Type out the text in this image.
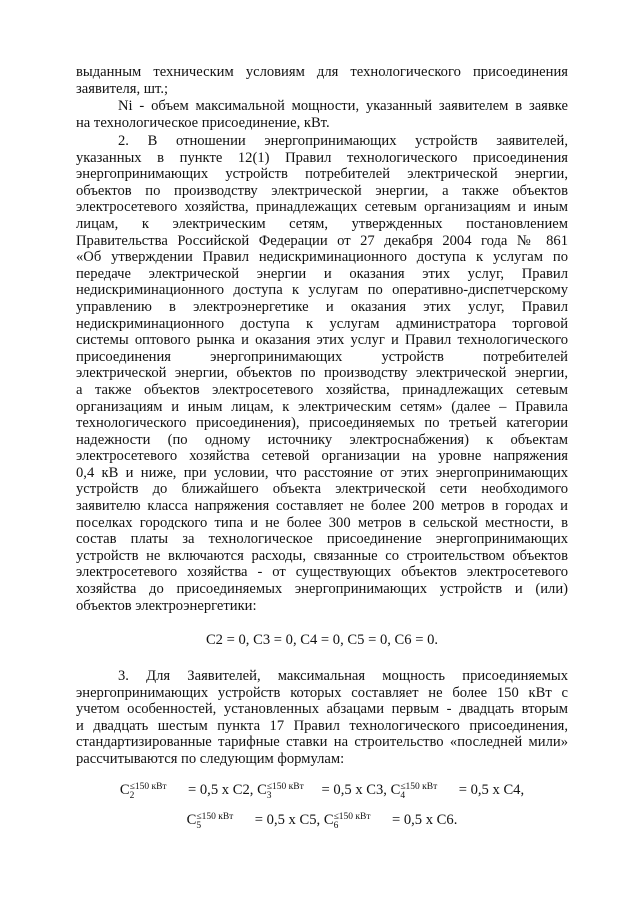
выданным техническим условиям для технологического присоединения
заявителя, шт.;
Ni - объем максимальной мощности, указанный заявителем в заявке
на технологическое присоединение, кВт.
2. В отношении энергопринимающих устройств заявителей,
указанных в пункте 12(1) Правил технологического присоединения
энергопринимающих устройств потребителей электрической энергии,
объектов по производству электрической энергии, а также объектов
электросетевого хозяйства, принадлежащих сетевым организациям и иным
лицам, к электрическим сетям, утвержденных постановлением
Правительства Российской Федерации от 27 декабря 2004 года № 861
«Об утверждении Правил недискриминационного доступа к услугам по
передаче электрической энергии и оказания этих услуг, Правил
недискриминационного доступа к услугам по оперативно-диспетчерскому
управлению в электроэнергетике и оказания этих услуг, Правил
недискриминационного доступа к услугам администратора торговой
системы оптового рынка и оказания этих услуг и Правил технологического
присоединения энергопринимающих устройств потребителей
электрической энергии, объектов по производству электрической энергии,
а также объектов электросетевого хозяйства, принадлежащих сетевым
организациям и иным лицам, к электрическим сетям» (далее – Правила
технологического присоединения), присоединяемых по третьей категории
надежности (по одному источнику электроснабжения) к объектам
электросетевого хозяйства сетевой организации на уровне напряжения
0,4 кВ и ниже, при условии, что расстояние от этих энергопринимающих
устройств до ближайшего объекта электрической сети необходимого
заявителю класса напряжения составляет не более 200 метров в городах и
поселках городского типа и не более 300 метров в сельской местности, в
состав платы за технологическое присоединение энергопринимающих
устройств не включаются расходы, связанные со строительством объектов
электросетевого хозяйства - от существующих объектов электросетевого
хозяйства до присоединяемых энергопринимающих устройств и (или)
объектов электроэнергетики:
C2 = 0, C3 = 0, C4 = 0, C5 = 0, C6 = 0.
3. Для Заявителей, максимальная мощность присоединяемых
энергопринимающих устройств которых составляет не более 150 кВт с
учетом особенностей, установленных абзацами первым - двадцать вторым
и двадцать шестым пункта 17 Правил технологического присоединения,
стандартизированные тарифные ставки на строительство «последней мили»
рассчитываются по следующим формулам:
$C^{\le 150 кВт}_2$	= 0,5 x C2, $C^{\le 150 кВт}_3$	= 0,5 x C3, $C^{\le 150 кВт}_4$	= 0,5 x C4,
$C^{\le 150 кВт}_5$	= 0,5 x C5, $C^{\le 150 кВт}_6$	= 0,5 x C6.
